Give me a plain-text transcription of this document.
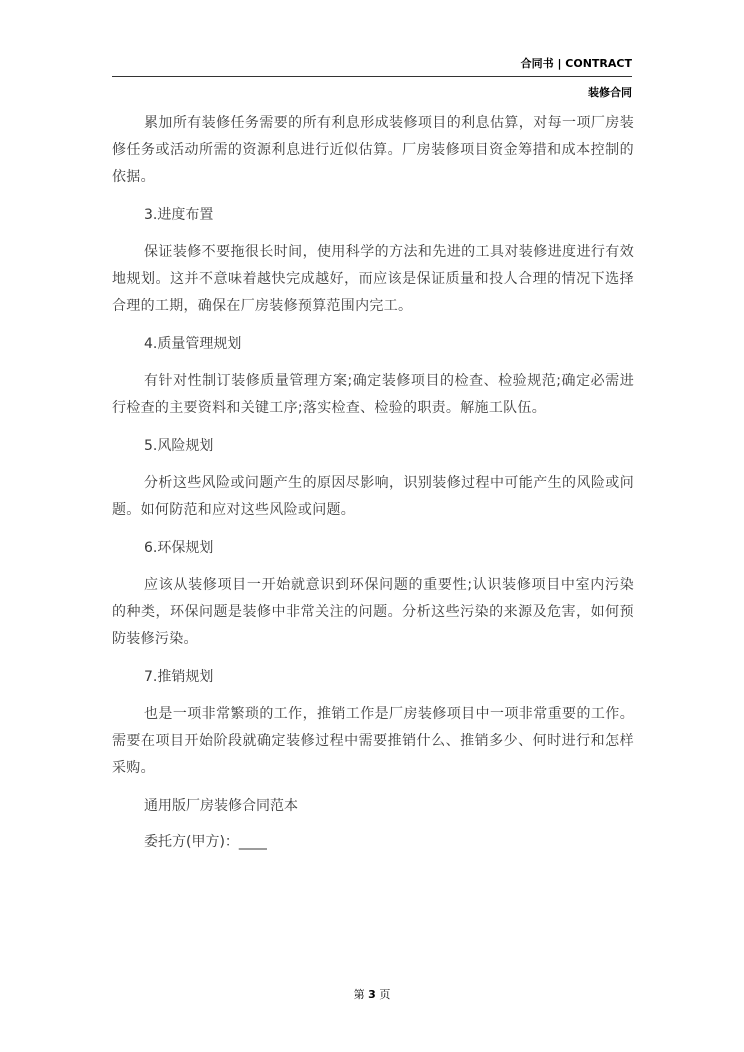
合同书 | CONTRACT
装修合同

累加所有装修任务需要的所有利息形成装修项目的利息估算，对每一项厂房装修任务或活动所需的资源利息进行近似估算。厂房装修项目资金筹措和成本控制的依据。

3.进度布置

保证装修不要拖很长时间，使用科学的方法和先进的工具对装修进度进行有效地规划。这并不意味着越快完成越好，而应该是保证质量和投人合理的情况下选择合理的工期，确保在厂房装修预算范围内完工。

4.质量管理规划

有针对性制订装修质量管理方案;确定装修项目的检查、检验规范;确定必需进行检查的主要资料和关键工序;落实检查、检验的职责。解施工队伍。

5.风险规划

分析这些风险或问题产生的原因尽影响，识别装修过程中可能产生的风险或问题。如何防范和应对这些风险或问题。

6.环保规划

应该从装修项目一开始就意识到环保问题的重要性;认识装修项目中室内污染的种类，环保问题是装修中非常关注的问题。分析这些污染的来源及危害，如何预防装修污染。

7.推销规划

也是一项非常繁琐的工作，推销工作是厂房装修项目中一项非常重要的工作。需要在项目开始阶段就确定装修过程中需要推销什么、推销多少、何时进行和怎样采购。

通用版厂房装修合同范本
委托方(甲方)：____
第 3 页
